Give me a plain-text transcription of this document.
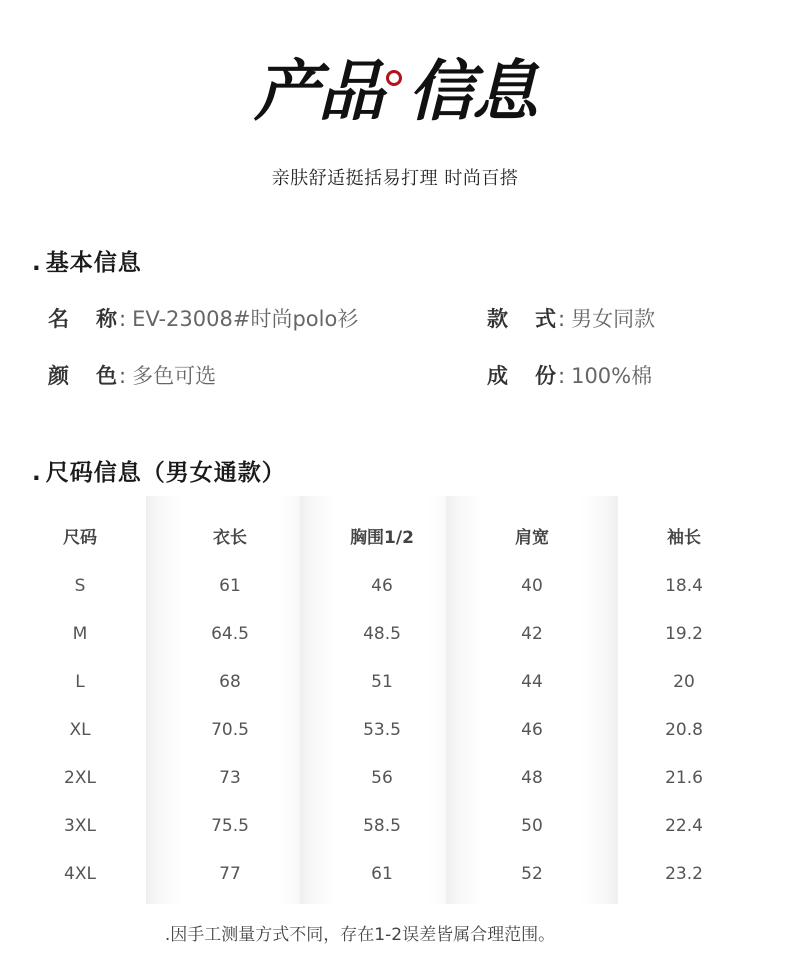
产品 信息
亲肤舒适挺括易打理 时尚百搭
. 基本信息
名 称: EV-23008#时尚polo衫
颜 色: 多色可选
款 式: 男女同款
成 份: 100%棉
. 尺码信息（男女通款）
尺码
S
M
L
XL
2XL
3XL
4XL
衣长
61
64.5
68
70.5
73
75.5
77
胸围1/2
46
48.5
51
53.5
56
58.5
61
肩宽
40
42
44
46
48
50
52
袖长
18.4
19.2
20
20.8
21.6
22.4
23.2
.因手工测量方式不同，存在1-2误差皆属合理范围。
